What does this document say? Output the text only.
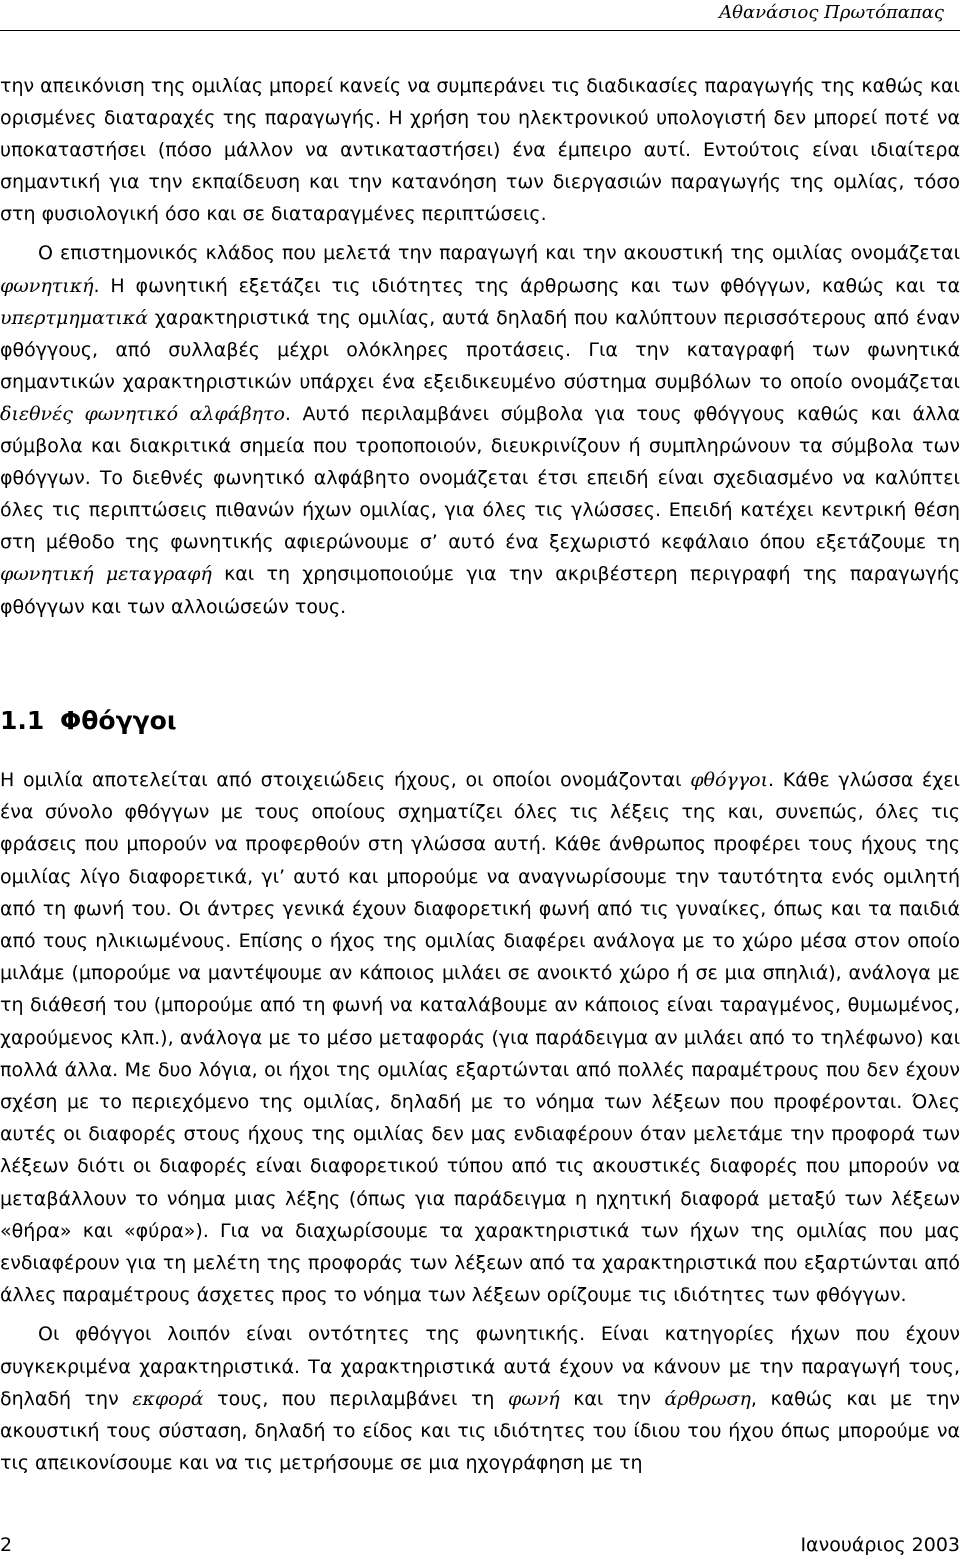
Αθανάσιος Πρωτόπαπας

την απεικόνιση της ομιλίας μπορεί κανείς να συμπεράνει τις διαδικασίες παραγωγής της καθώς και ορισμένες διαταραχές της παραγωγής. Η χρήση του ηλεκτρονικού υπολογιστή δεν μπορεί ποτέ να υποκαταστήσει (πόσο μάλλον να αντικαταστήσει) ένα έμπειρο αυτί. Εντούτοις είναι ιδιαίτερα σημαντική για την εκπαίδευση και την κατανόηση των διεργασιών παραγωγής της ομλίας, τόσο στη φυσιολογική όσο και σε διαταραγμένες περιπτώσεις.

Ο επιστημονικός κλάδος που μελετά την παραγωγή και την ακουστική της ομιλίας ονομάζεται φωνητική. Η φωνητική εξετάζει τις ιδιότητες της άρθρωσης και των φθόγγων, καθώς και τα υπερτμηματικά χαρακτηριστικά της ομιλίας, αυτά δηλαδή που καλύπτουν περισσότερους από έναν φθόγγους, από συλλαβές μέχρι ολόκληρες προτάσεις. Για την καταγραφή των φωνητικά σημαντικών χαρακτηριστικών υπάρχει ένα εξειδικευμένο σύστημα συμβόλων το οποίο ονομάζεται διεθνές φωνητικό αλφάβητο. Αυτό περιλαμβάνει σύμβολα για τους φθόγγους καθώς και άλλα σύμβολα και διακριτικά σημεία που τροποποιούν, διευκρινίζουν ή συμπληρώνουν τα σύμβολα των φθόγγων. Το διεθνές φωνητικό αλφάβητο ονομάζεται έτσι επειδή είναι σχεδιασμένο να καλύπτει όλες τις περιπτώσεις πιθανών ήχων ομιλίας, για όλες τις γλώσσες. Επειδή κατέχει κεντρική θέση στη μέθοδο της φωνητικής αφιερώνουμε σ’ αυτό ένα ξεχωριστό κεφάλαιο όπου εξετάζουμε τη φωνητική μεταγραφή και τη χρησιμοποιούμε για την ακριβέστερη περιγραφή της παραγωγής φθόγγων και των αλλοιώσεών τους.

1.1 Φθόγγοι

Η ομιλία αποτελείται από στοιχειώδεις ήχους, οι οποίοι ονομάζονται φθόγγοι. Κάθε γλώσσα έχει ένα σύνολο φθόγγων με τους οποίους σχηματίζει όλες τις λέξεις της και, συνεπώς, όλες τις φράσεις που μπορούν να προφερθούν στη γλώσσα αυτή. Κάθε άνθρωπος προφέρει τους ήχους της ομιλίας λίγο διαφορετικά, γι’ αυτό και μπορούμε να αναγνωρίσουμε την ταυτότητα ενός ομιλητή από τη φωνή του. Οι άντρες γενικά έχουν διαφορετική φωνή από τις γυναίκες, όπως και τα παιδιά από τους ηλικιωμένους. Επίσης ο ήχος της ομιλίας διαφέρει ανάλογα με το χώρο μέσα στον οποίο μιλάμε (μπορούμε να μαντέψουμε αν κάποιος μιλάει σε ανοικτό χώρο ή σε μια σπηλιά), ανάλογα με τη διάθεσή του (μπορούμε από τη φωνή να καταλάβουμε αν κάποιος είναι ταραγμένος, θυμωμένος, χαρούμενος κλπ.), ανάλογα με το μέσο μεταφοράς (για παράδειγμα αν μιλάει από το τηλέφωνο) και πολλά άλλα. Με δυο λόγια, οι ήχοι της ομιλίας εξαρτώνται από πολλές παραμέτρους που δεν έχουν σχέση με το περιεχόμενο της ομιλίας, δηλαδή με το νόημα των λέξεων που προφέρονται. Όλες αυτές οι διαφορές στους ήχους της ομιλίας δεν μας ενδιαφέρουν όταν μελετάμε την προφορά των λέξεων διότι οι διαφορές είναι διαφορετικού τύπου από τις ακουστικές διαφορές που μπορούν να μεταβάλλουν το νόημα μιας λέξης (όπως για παράδειγμα η ηχητική διαφορά μεταξύ των λέξεων «θήρα» και «φύρα»). Για να διαχωρίσουμε τα χαρακτηριστικά των ήχων της ομιλίας που μας ενδιαφέρουν για τη μελέτη της προφοράς των λέξεων από τα χαρακτηριστικά που εξαρτώνται από άλλες παραμέτρους άσχετες προς το νόημα των λέξεων ορίζουμε τις ιδιότητες των φθόγγων.

Οι φθόγγοι λοιπόν είναι οντότητες της φωνητικής. Είναι κατηγορίες ήχων που έχουν συγκεκριμένα χαρακτηριστικά. Τα χαρακτηριστικά αυτά έχουν να κάνουν με την παραγωγή τους, δηλαδή την εκφορά τους, που περιλαμβάνει τη φωνή και την άρθρωση, καθώς και με την ακουστική τους σύσταση, δηλαδή το είδος και τις ιδιότητες του ίδιου του ήχου όπως μπορούμε να τις απεικονίσουμε και να τις μετρήσουμε σε μια ηχογράφηση με τη

2	Ιανουάριος 2003
